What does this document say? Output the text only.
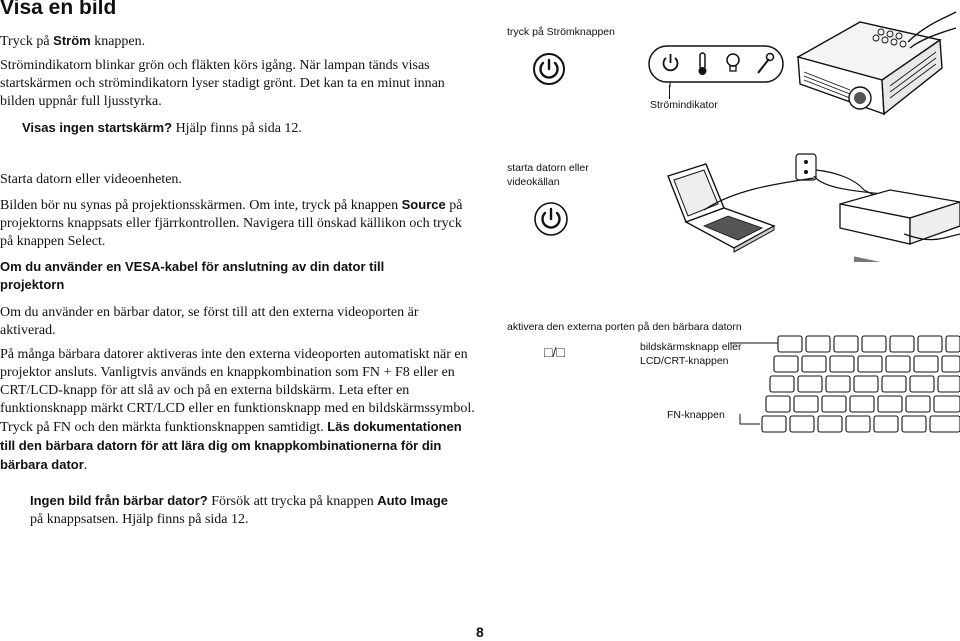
Visa en bild
Tryck på Ström knappen.
Strömindikatorn blinkar grön och fläkten körs igång. När lampan tänds visas startskärmen och strömindikatorn lyser stadigt grönt. Det kan ta en minut innan bilden uppnår full ljusstyrka.
Visas ingen startskärm? Hjälp finns på sida 12.
Starta datorn eller videoenheten.
Bilden bör nu synas på projektionsskärmen. Om inte, tryck på knappen Source på projektorns knappsats eller fjärrkontrollen. Navigera till önskad källikon och tryck på knappen Select.
Om du använder en VESA-kabel för anslutning av din dator till projektorn
Om du använder en bärbar dator, se först till att den externa videoporten är aktiverad.
På många bärbara datorer aktiveras inte den externa videoporten automatiskt när en projektor ansluts. Vanligtvis används en knappkombination som FN + F8 eller en CRT/LCD-knapp för att slå av och på en externa bildskärm. Leta efter en funktionsknapp märkt CRT/LCD eller en funktionsknapp med en bildskärmssymbol. Tryck på FN och den märkta funktionsknappen samtidigt. Läs dokumentationen till den bärbara datorn för att lära dig om knappkombinationerna för din bärbara dator.
Ingen bild från bärbar dator? Försök att trycka på knappen Auto Image på knappsatsen. Hjälp finns på sida 12.
tryck på Strömknappen
Strömindikator
starta datorn eller videokällan
aktivera den externa porten på den bärbara datorn
□/□	bildskärmsknapp eller LCD/CRT-knappen
FN-knappen
8
